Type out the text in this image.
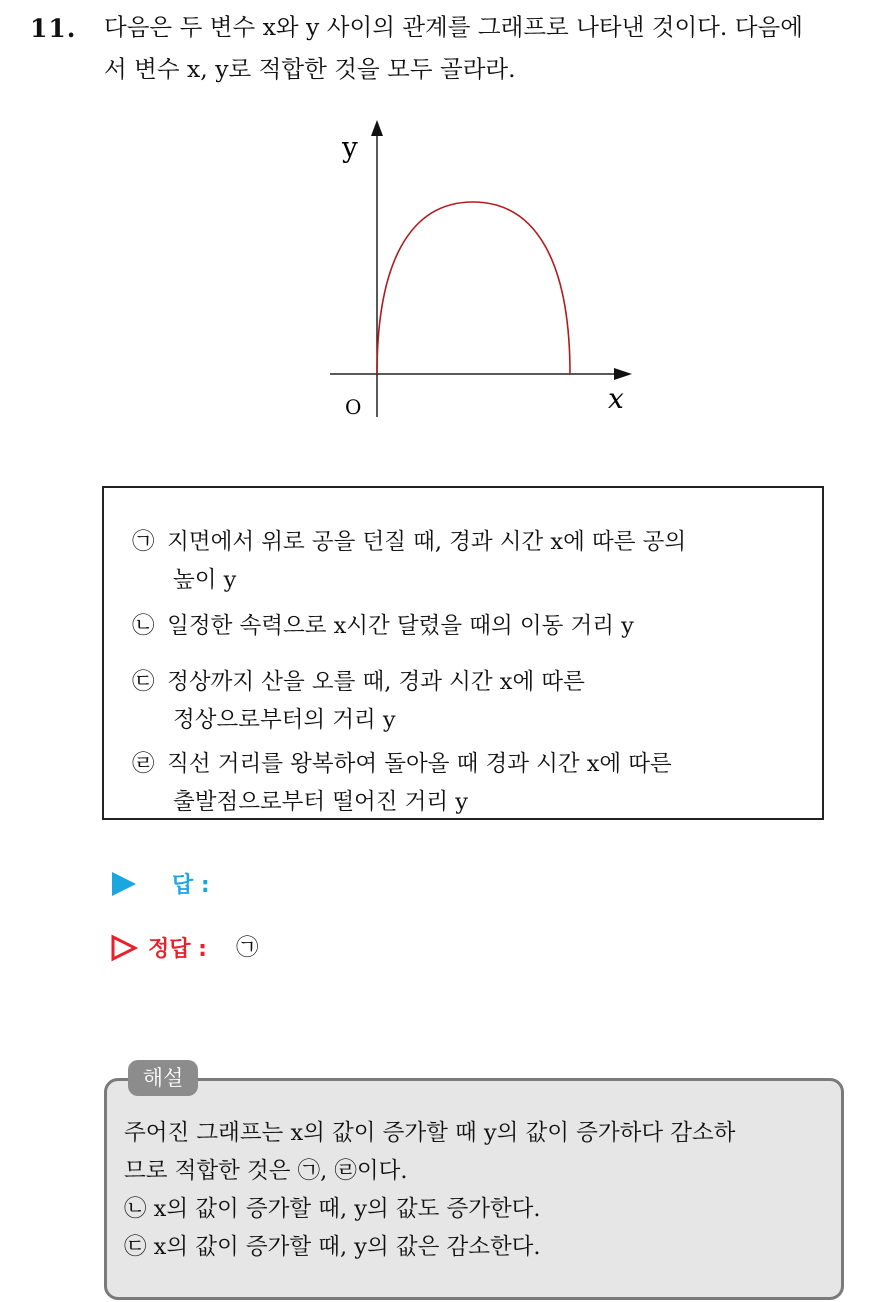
11. 다음은 두 변수 x와 y 사이의 관계를 그래프로 나타낸 것이다. 다음에
서 변수 x, y로 적합한 것을 모두 골라라.
y
x
O
㉠ 지면에서 위로 공을 던질 때, 경과 시간 x에 따른 공의
높이 y
㉡ 일정한 속력으로 x시간 달렸을 때의 이동 거리 y
㉢ 정상까지 산을 오를 때, 경과 시간 x에 따른
정상으로부터의 거리 y
㉣ 직선 거리를 왕복하여 돌아올 때 경과 시간 x에 따른
출발점으로부터 떨어진 거리 y
답 :
정답 : ㉠
해설
주어진 그래프는 x의 값이 증가할 때 y의 값이 증가하다 감소하
므로 적합한 것은 ㉠, ㉣이다.
㉡ x의 값이 증가할 때, y의 값도 증가한다.
㉢ x의 값이 증가할 때, y의 값은 감소한다.
